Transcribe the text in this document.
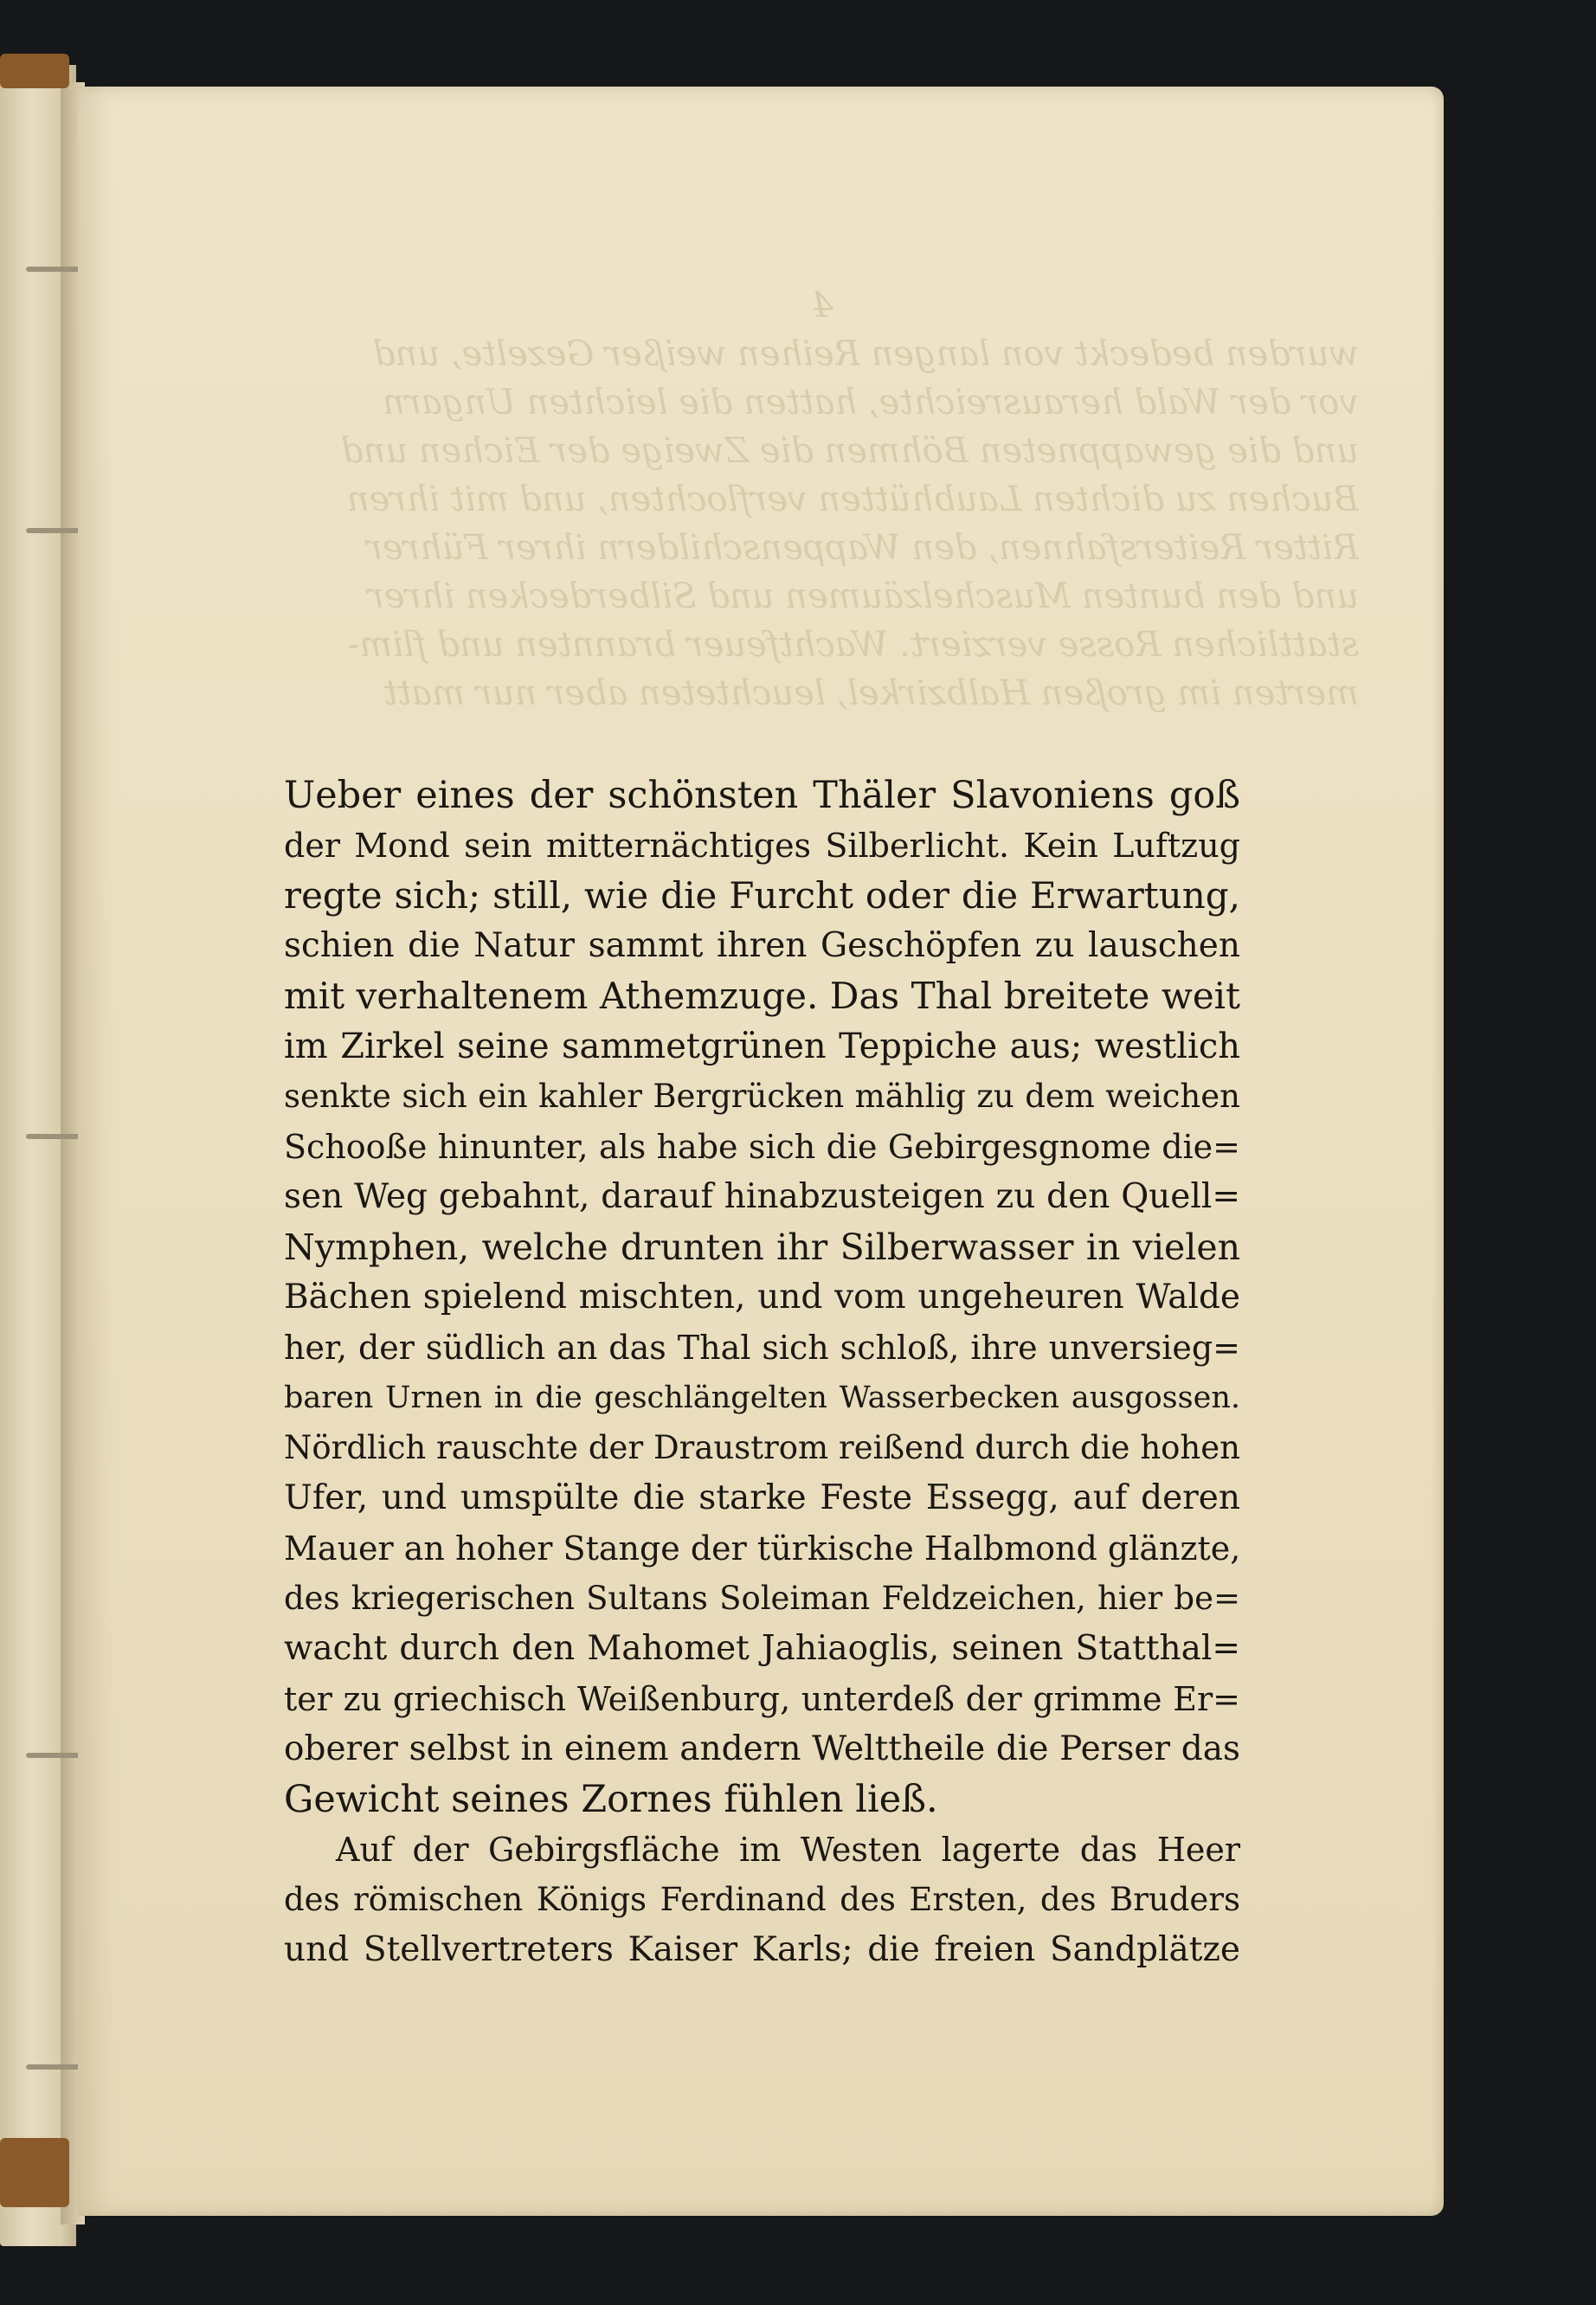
4
wurden bedeckt von langen Reihen weißer Gezelte, und
vor der Wald herausreichte, hatten die leichten Ungarn
und die gewappneten Böhmen die Zweige der Eichen und
Buchen zu dichten Laubhütten verflochten, und mit ihren
Ritter Reitersfahnen, den Wappenschildern ihrer Führer
und den bunten Muschelzäumen und Silberdecken ihrer
stattlichen Rosse verziert. Wachtfeuer brannten und flim-
merten im großen Halbzirkel, leuchteten aber nur matt
Ueber eines der schönsten Thäler Slavoniens goß
der Mond sein mitternächtiges Silberlicht. Kein Luftzug
regte sich; still, wie die Furcht oder die Erwartung,
schien die Natur sammt ihren Geschöpfen zu lauschen
mit verhaltenem Athemzuge. Das Thal breitete weit
im Zirkel seine sammetgrünen Teppiche aus; westlich
senkte sich ein kahler Bergrücken mählig zu dem weichen
Schooße hinunter, als habe sich die Gebirgesgnome die=
sen Weg gebahnt, darauf hinabzusteigen zu den Quell=
Nymphen, welche drunten ihr Silberwasser in vielen
Bächen spielend mischten, und vom ungeheuren Walde
her, der südlich an das Thal sich schloß, ihre unversieg=
baren Urnen in die geschlängelten Wasserbecken ausgossen.
Nördlich rauschte der Draustrom reißend durch die hohen
Ufer, und umspülte die starke Feste Essegg, auf deren
Mauer an hoher Stange der türkische Halbmond glänzte,
des kriegerischen Sultans Soleiman Feldzeichen, hier be=
wacht durch den Mahomet Jahiaoglis, seinen Statthal=
ter zu griechisch Weißenburg, unterdeß der grimme Er=
oberer selbst in einem andern Welttheile die Perser das
Gewicht seines Zornes fühlen ließ.
Auf der Gebirgsfläche im Westen lagerte das Heer
des römischen Königs Ferdinand des Ersten, des Bruders
und Stellvertreters Kaiser Karls; die freien Sandplätze
